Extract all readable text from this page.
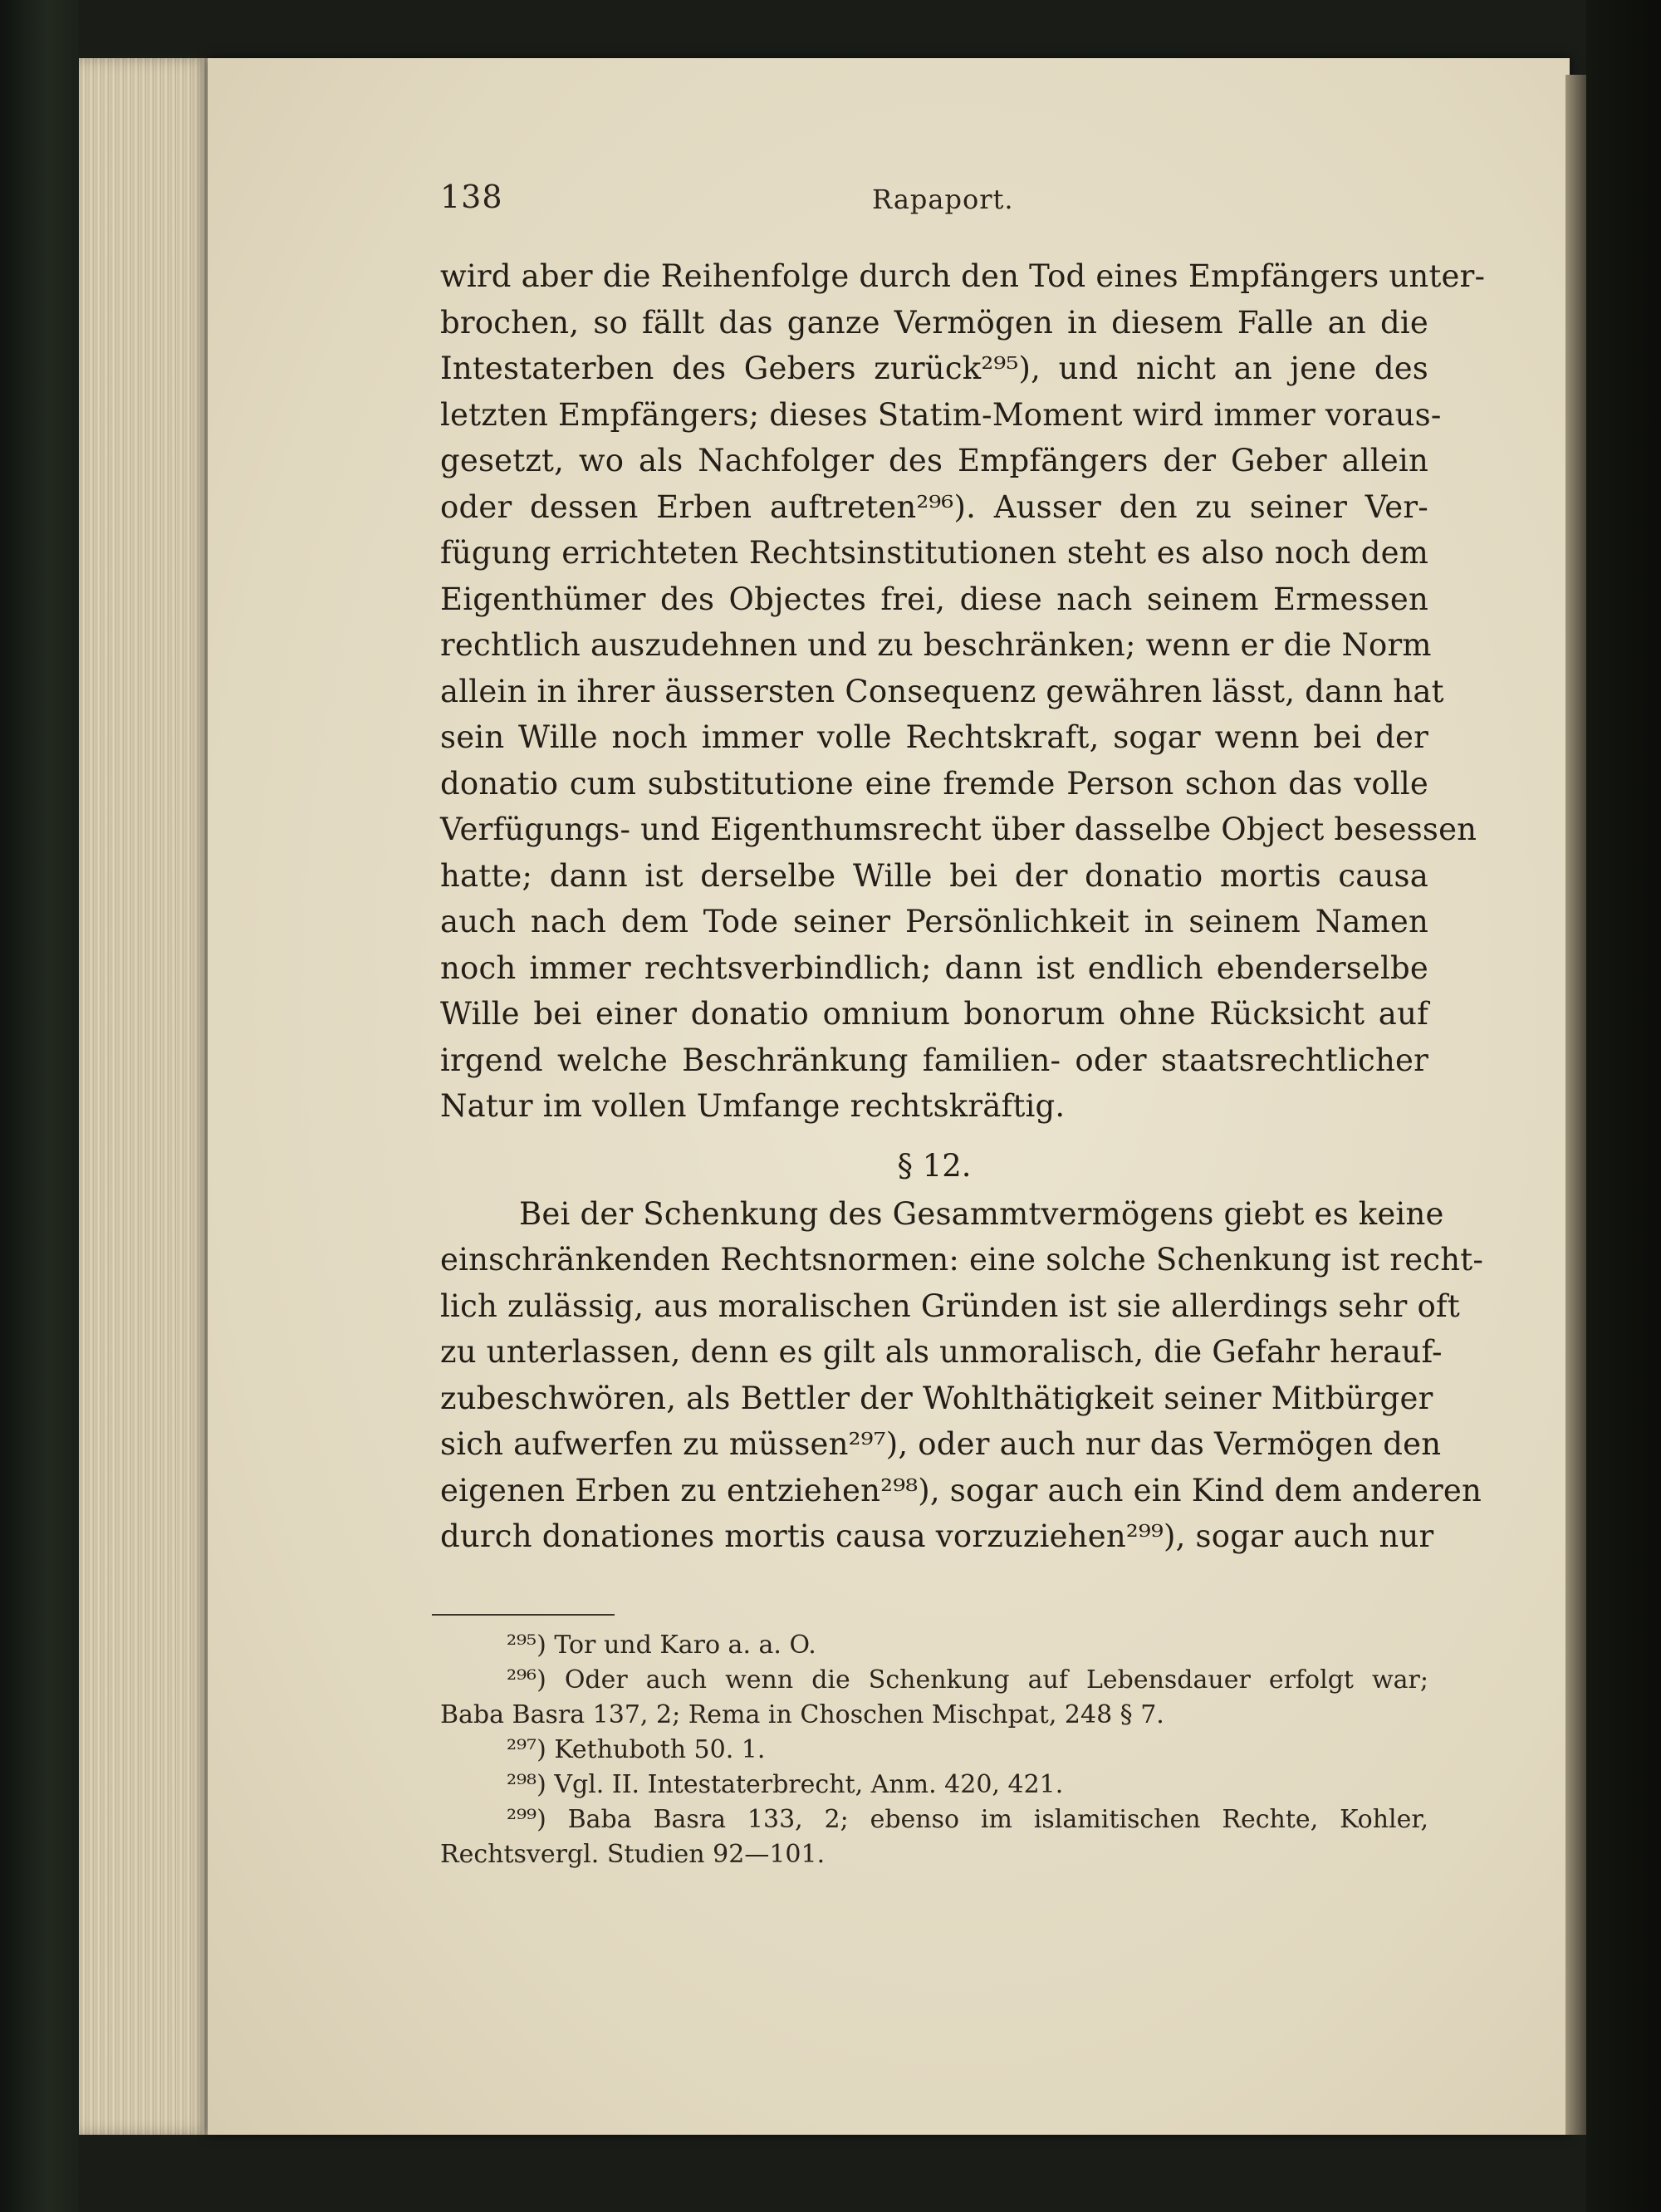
138	Rapaport.
wird aber die Reihenfolge durch den Tod eines Empfängers unter-
brochen, so fällt das ganze Vermögen in diesem Falle an die
Intestaterben des Gebers zurück²⁹⁵), und nicht an jene des
letzten Empfängers; dieses Statim-Moment wird immer voraus-
gesetzt, wo als Nachfolger des Empfängers der Geber allein
oder dessen Erben auftreten²⁹⁶). Ausser den zu seiner Ver-
fügung errichteten Rechtsinstitutionen steht es also noch dem
Eigenthümer des Objectes frei, diese nach seinem Ermessen
rechtlich auszudehnen und zu beschränken; wenn er die Norm
allein in ihrer äussersten Consequenz gewähren lässt, dann hat
sein Wille noch immer volle Rechtskraft, sogar wenn bei der
donatio cum substitutione eine fremde Person schon das volle
Verfügungs- und Eigenthumsrecht über dasselbe Object besessen
hatte; dann ist derselbe Wille bei der donatio mortis causa
auch nach dem Tode seiner Persönlichkeit in seinem Namen
noch immer rechtsverbindlich; dann ist endlich ebenderselbe
Wille bei einer donatio omnium bonorum ohne Rücksicht auf
irgend welche Beschränkung familien- oder staatsrechtlicher
Natur im vollen Umfange rechtskräftig.
§ 12.
Bei der Schenkung des Gesammtvermögens giebt es keine
einschränkenden Rechtsnormen: eine solche Schenkung ist recht-
lich zulässig, aus moralischen Gründen ist sie allerdings sehr oft
zu unterlassen, denn es gilt als unmoralisch, die Gefahr herauf-
zubeschwören, als Bettler der Wohlthätigkeit seiner Mitbürger
sich aufwerfen zu müssen²⁹⁷), oder auch nur das Vermögen den
eigenen Erben zu entziehen²⁹⁸), sogar auch ein Kind dem anderen
durch donationes mortis causa vorzuziehen²⁹⁹), sogar auch nur
²⁹⁵) Tor und Karo a. a. O.
²⁹⁶) Oder auch wenn die Schenkung auf Lebensdauer erfolgt war;
Baba Basra 137, 2; Rema in Choschen Mischpat, 248 § 7.
²⁹⁷) Kethuboth 50. 1.
²⁹⁸) Vgl. II. Intestaterbrecht, Anm. 420, 421.
²⁹⁹) Baba Basra 133, 2; ebenso im islamitischen Rechte, Kohler,
Rechtsvergl. Studien 92—101.
